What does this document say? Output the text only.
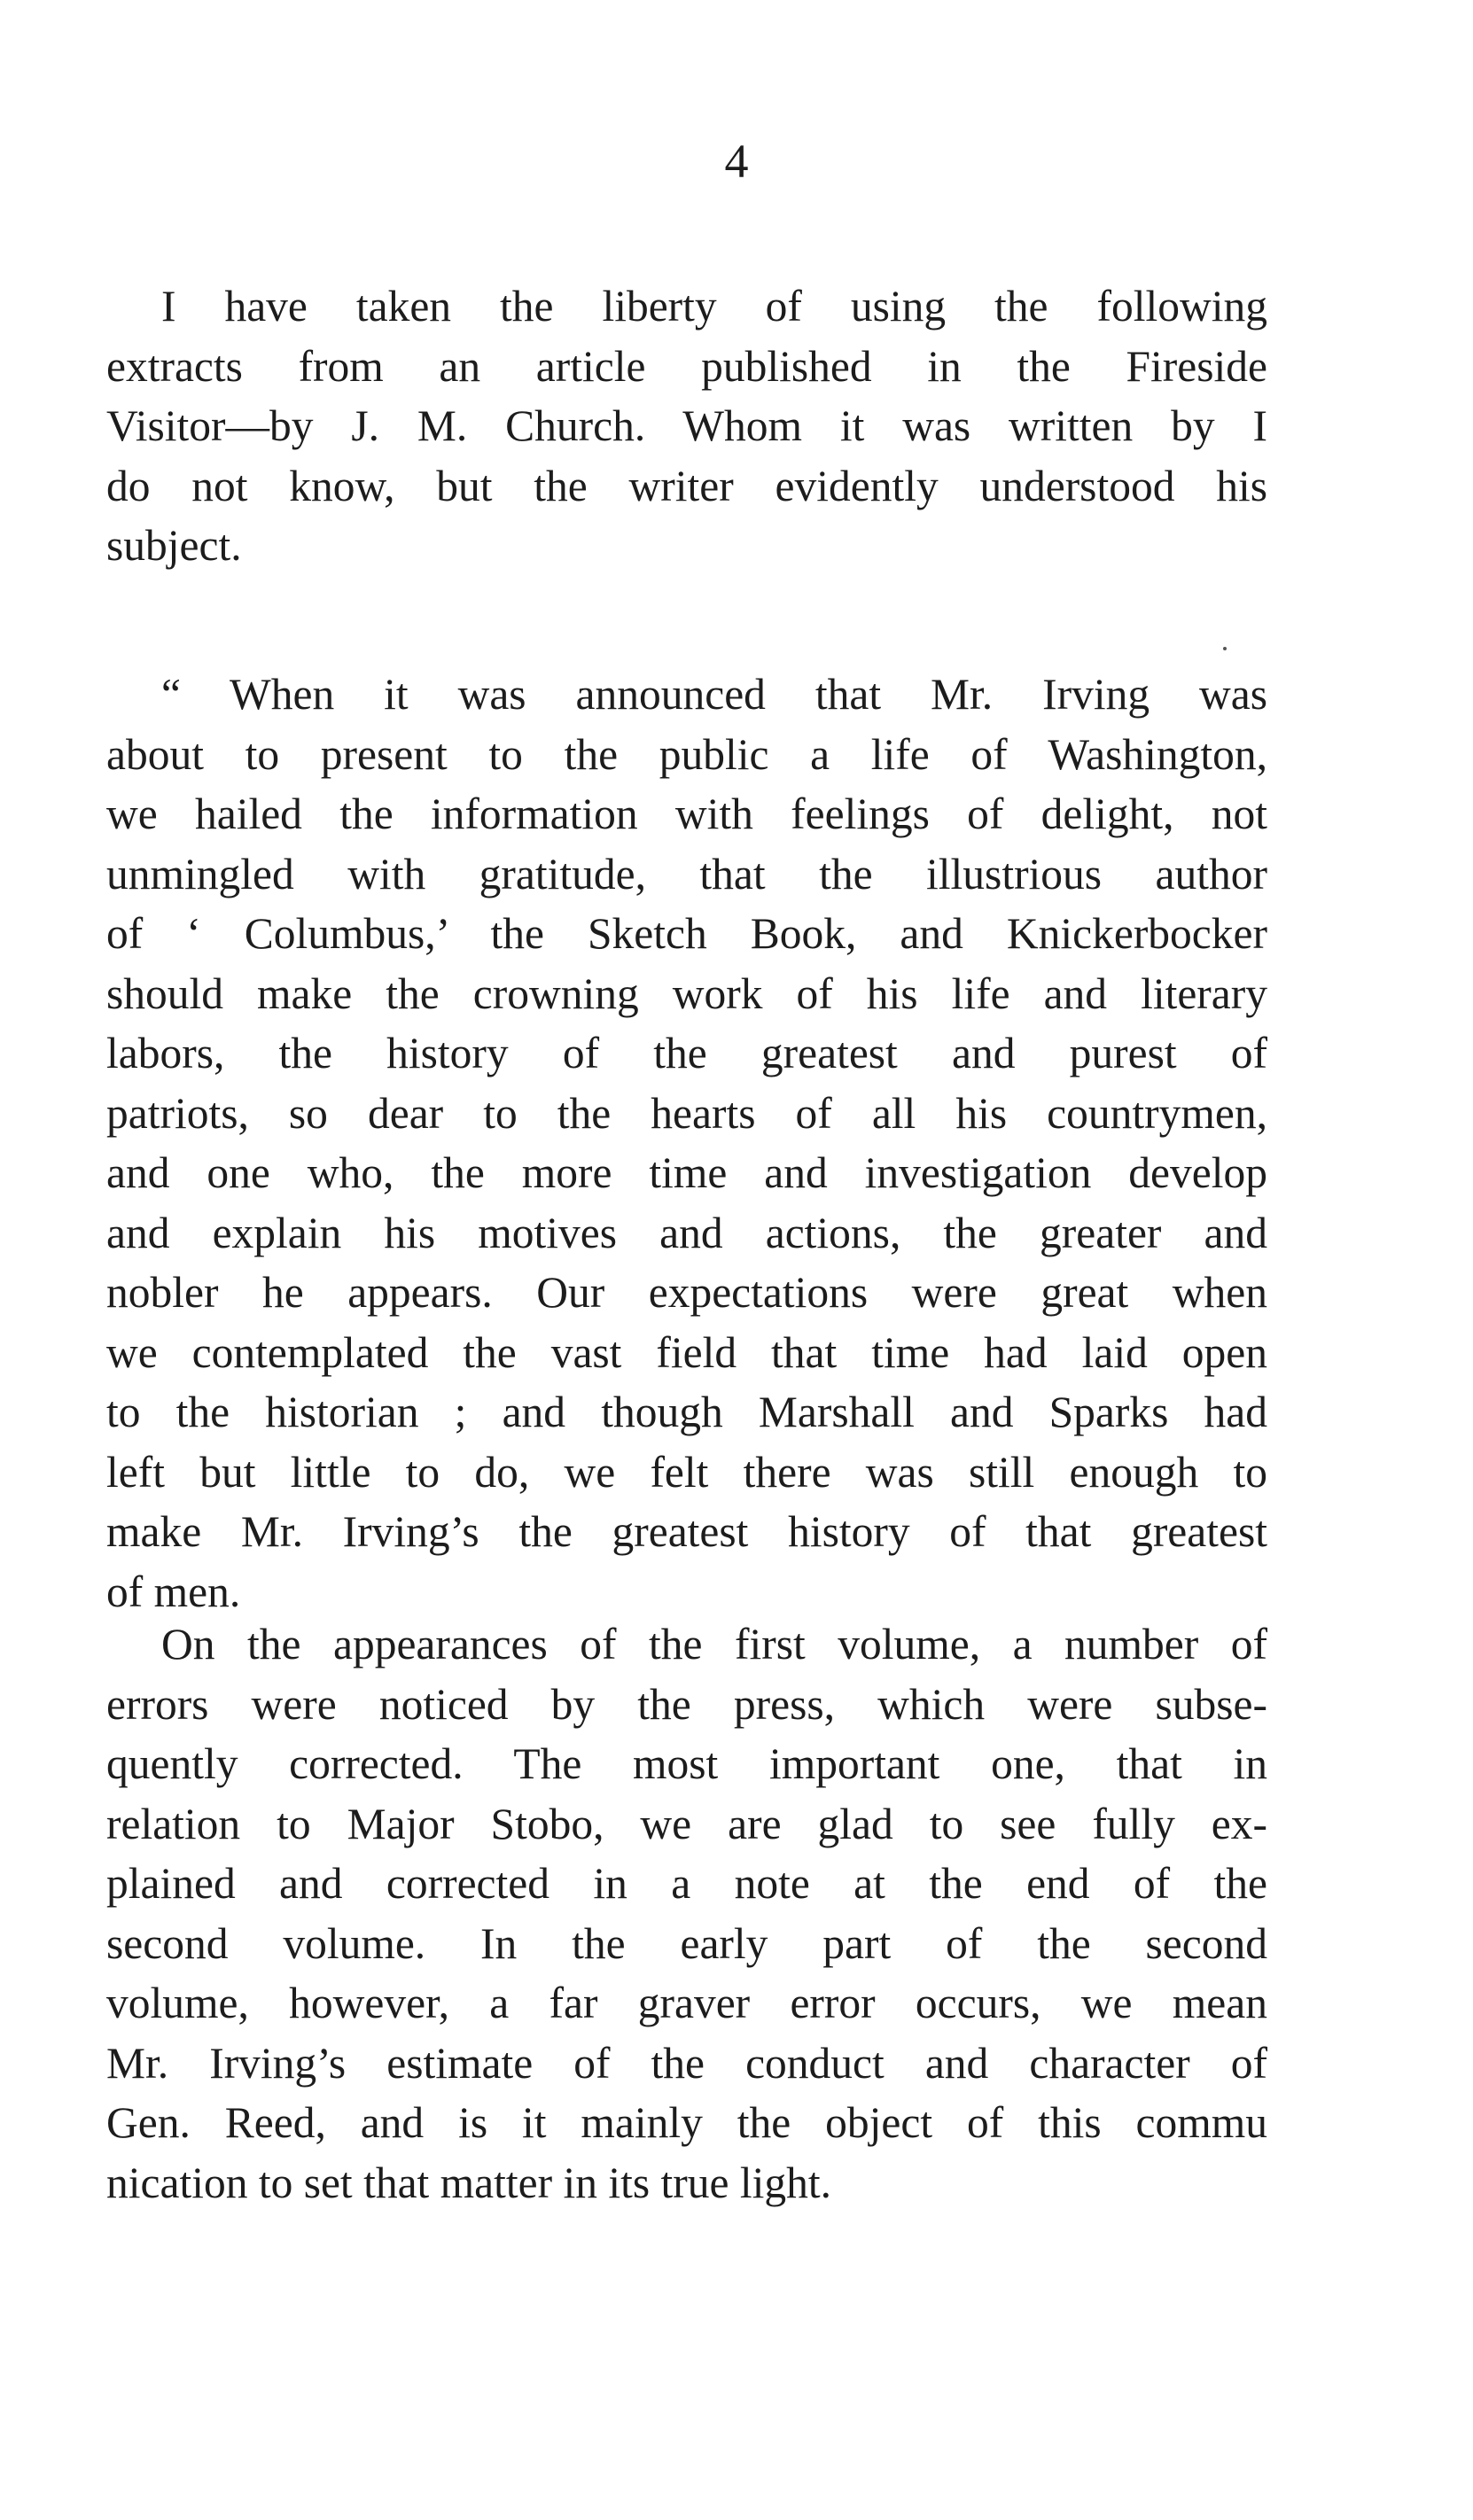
4
I have taken the liberty of using the following
extracts from an article published in the Fireside
Visitor—by J. M. Church. Whom it was written by I
do not know, but the writer evidently understood his
subject.
“ When it was announced that Mr. Irving was
about to present to the public a life of Washington,
we hailed the information with feelings of delight, not
unmingled with gratitude, that the illustrious author
of ‘ Columbus,’ the Sketch Book, and Knickerbocker
should make the crowning work of his life and literary
labors, the history of the greatest and purest of
patriots, so dear to the hearts of all his countrymen,
and one who, the more time and investigation develop
and explain his motives and actions, the greater and
nobler he appears. Our expectations were great when
we contemplated the vast field that time had laid open
to the historian ; and though Marshall and Sparks had
left but little to do, we felt there was still enough to
make Mr. Irving’s the greatest history of that greatest
of men.
On the appearances of the first volume, a number of
errors were noticed by the press, which were subse-
quently corrected. The most important one, that in
relation to Major Stobo, we are glad to see fully ex-
plained and corrected in a note at the end of the
second volume. In the early part of the second
volume, however, a far graver error occurs, we mean
Mr. Irving’s estimate of the conduct and character of
Gen. Reed, and is it mainly the object of this commu
nication to set that matter in its true light.
